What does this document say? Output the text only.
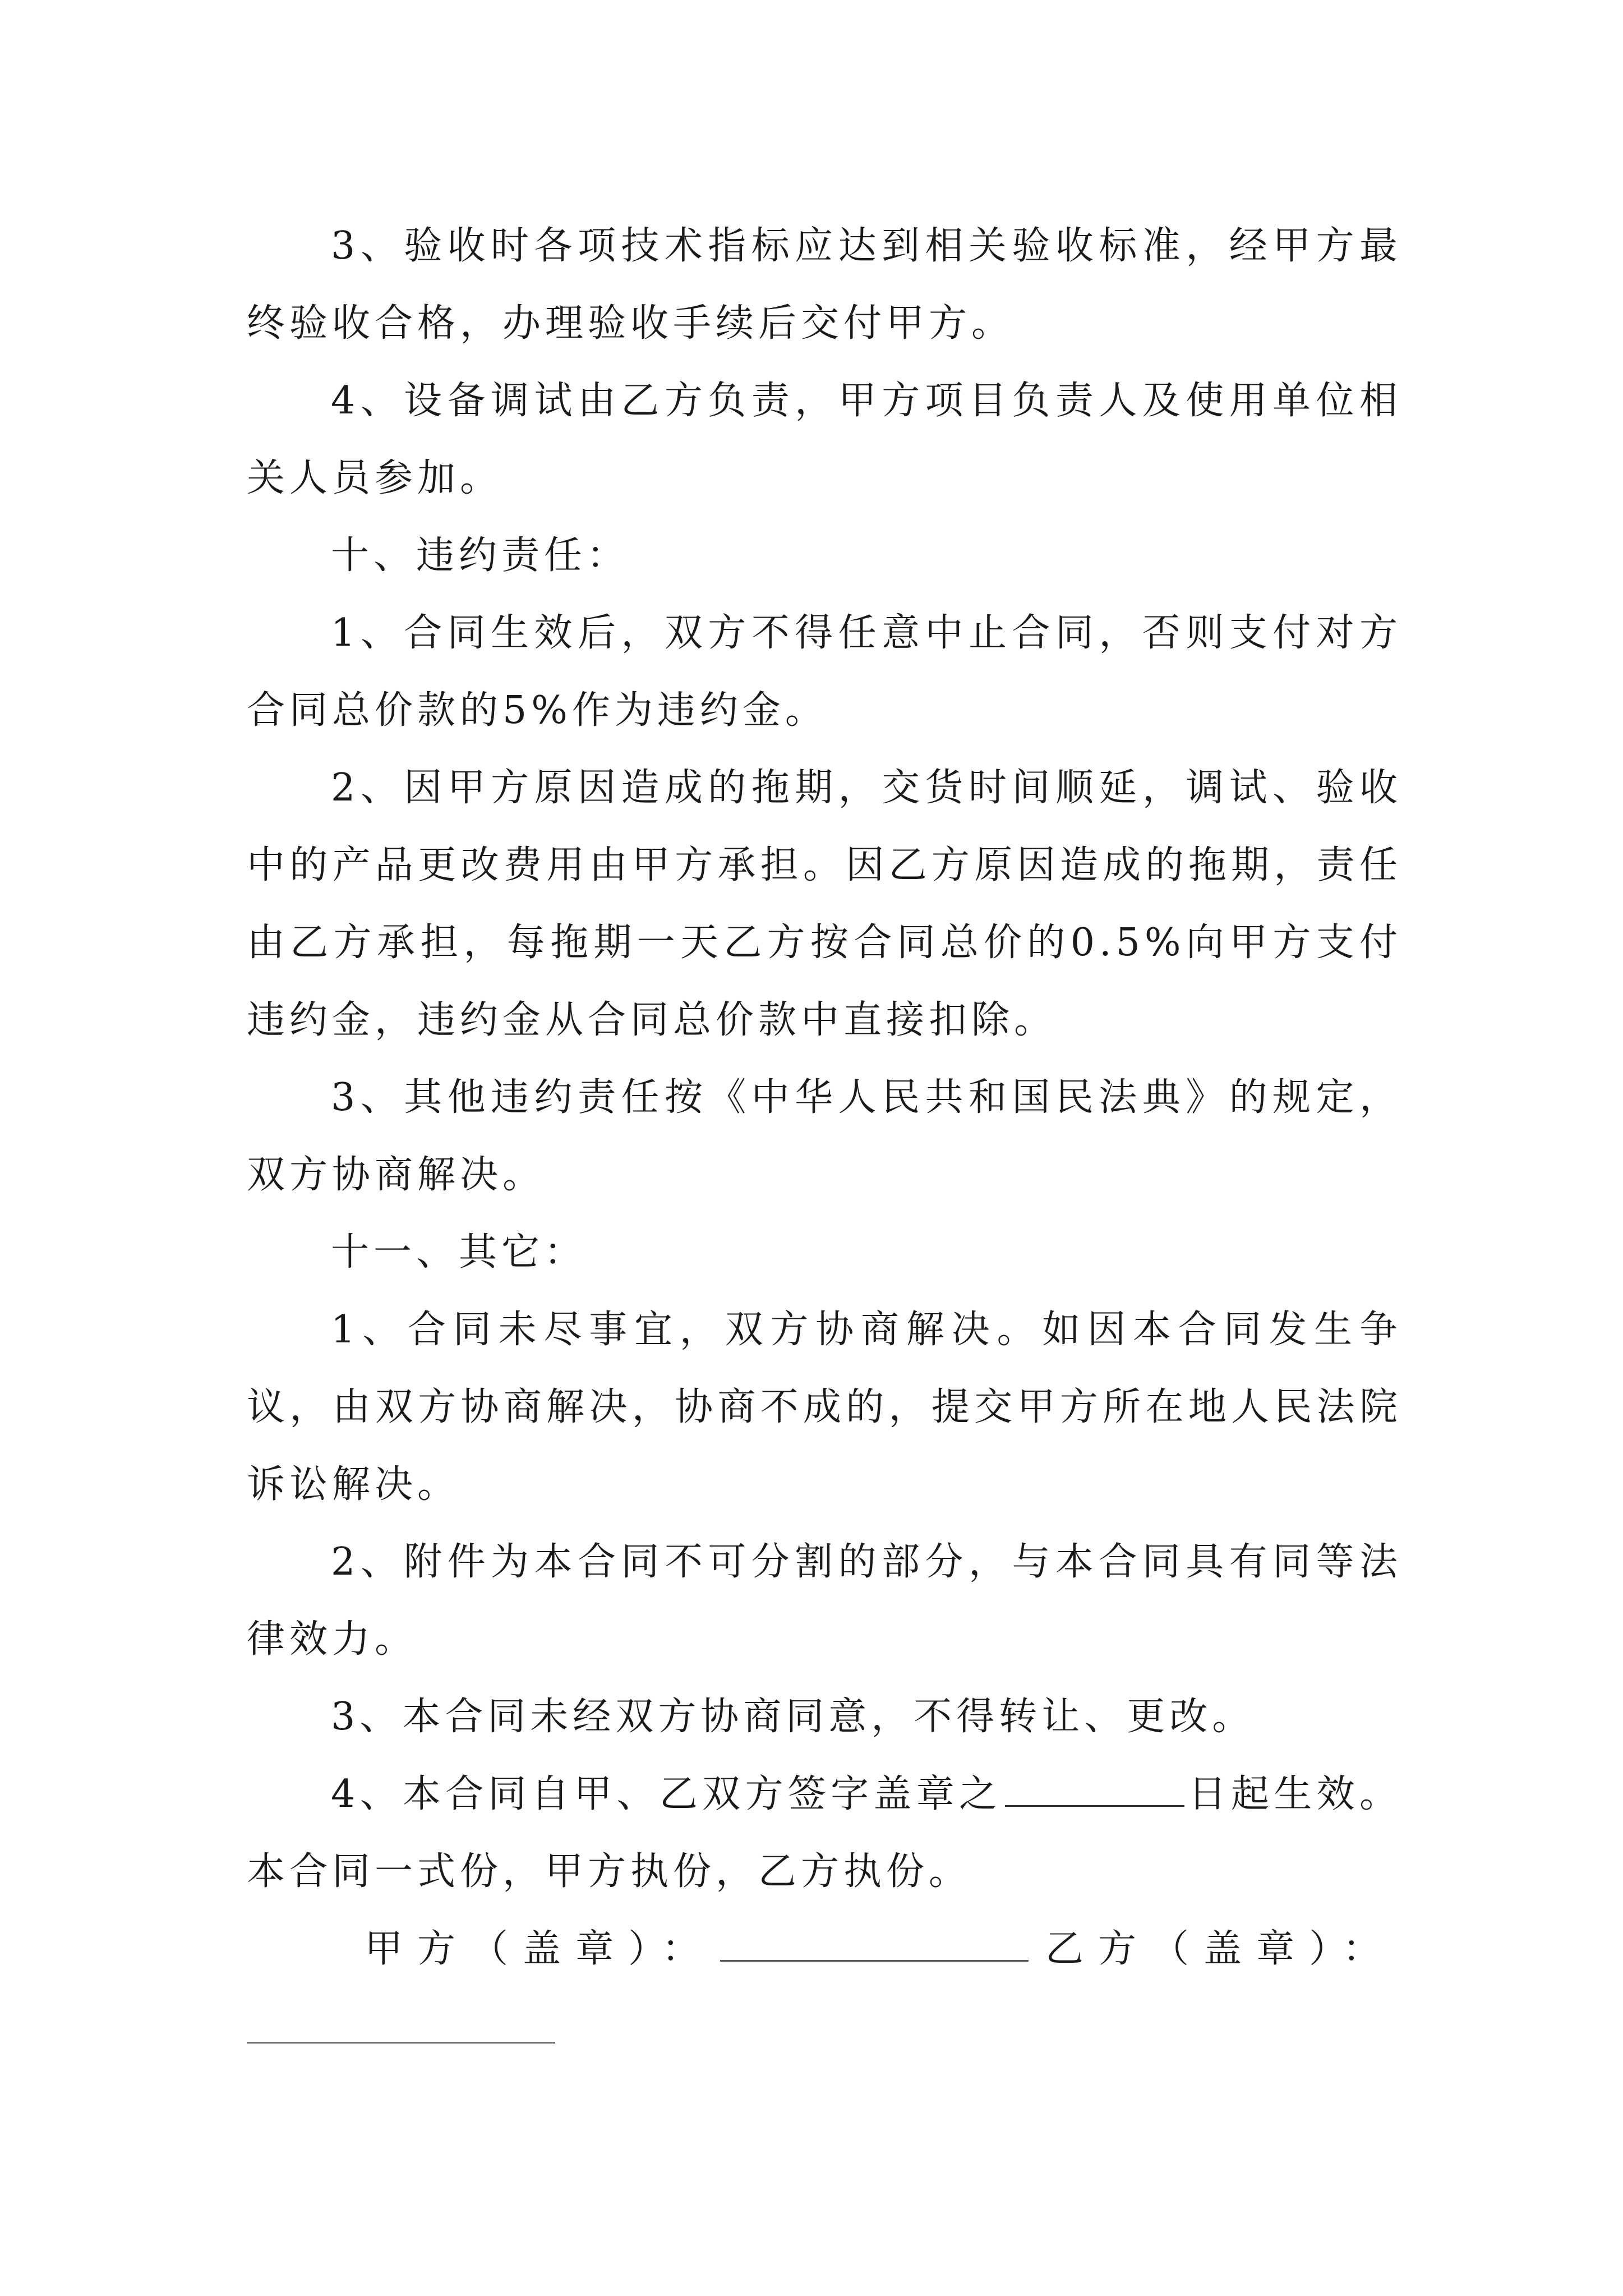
3、验收时各项技术指标应达到相关验收标准，经甲方最终验收合格，办理验收手续后交付甲方。

4、设备调试由乙方负责，甲方项目负责人及使用单位相关人员参加。

十、违约责任：

1、合同生效后，双方不得任意中止合同，否则支付对方合同总价款的5%作为违约金。

2、因甲方原因造成的拖期，交货时间顺延，调试、验收中的产品更改费用由甲方承担。因乙方原因造成的拖期，责任由乙方承担，每拖期一天乙方按合同总价的0.5%向甲方支付违约金，违约金从合同总价款中直接扣除。

3、其他违约责任按《中华人民共和国民法典》的规定，双方协商解决。

十一、其它：

1、合同未尽事宜，双方协商解决。如因本合同发生争议，由双方协商解决，协商不成的，提交甲方所在地人民法院诉讼解决。

2、附件为本合同不可分割的部分，与本合同具有同等法律效力。

3、本合同未经双方协商同意，不得转让、更改。

4、本合同自甲、乙双方签字盖章之	日起生效。本合同一式份，甲方执份，乙方执份。

甲方（盖章）：	乙方（盖章）：
